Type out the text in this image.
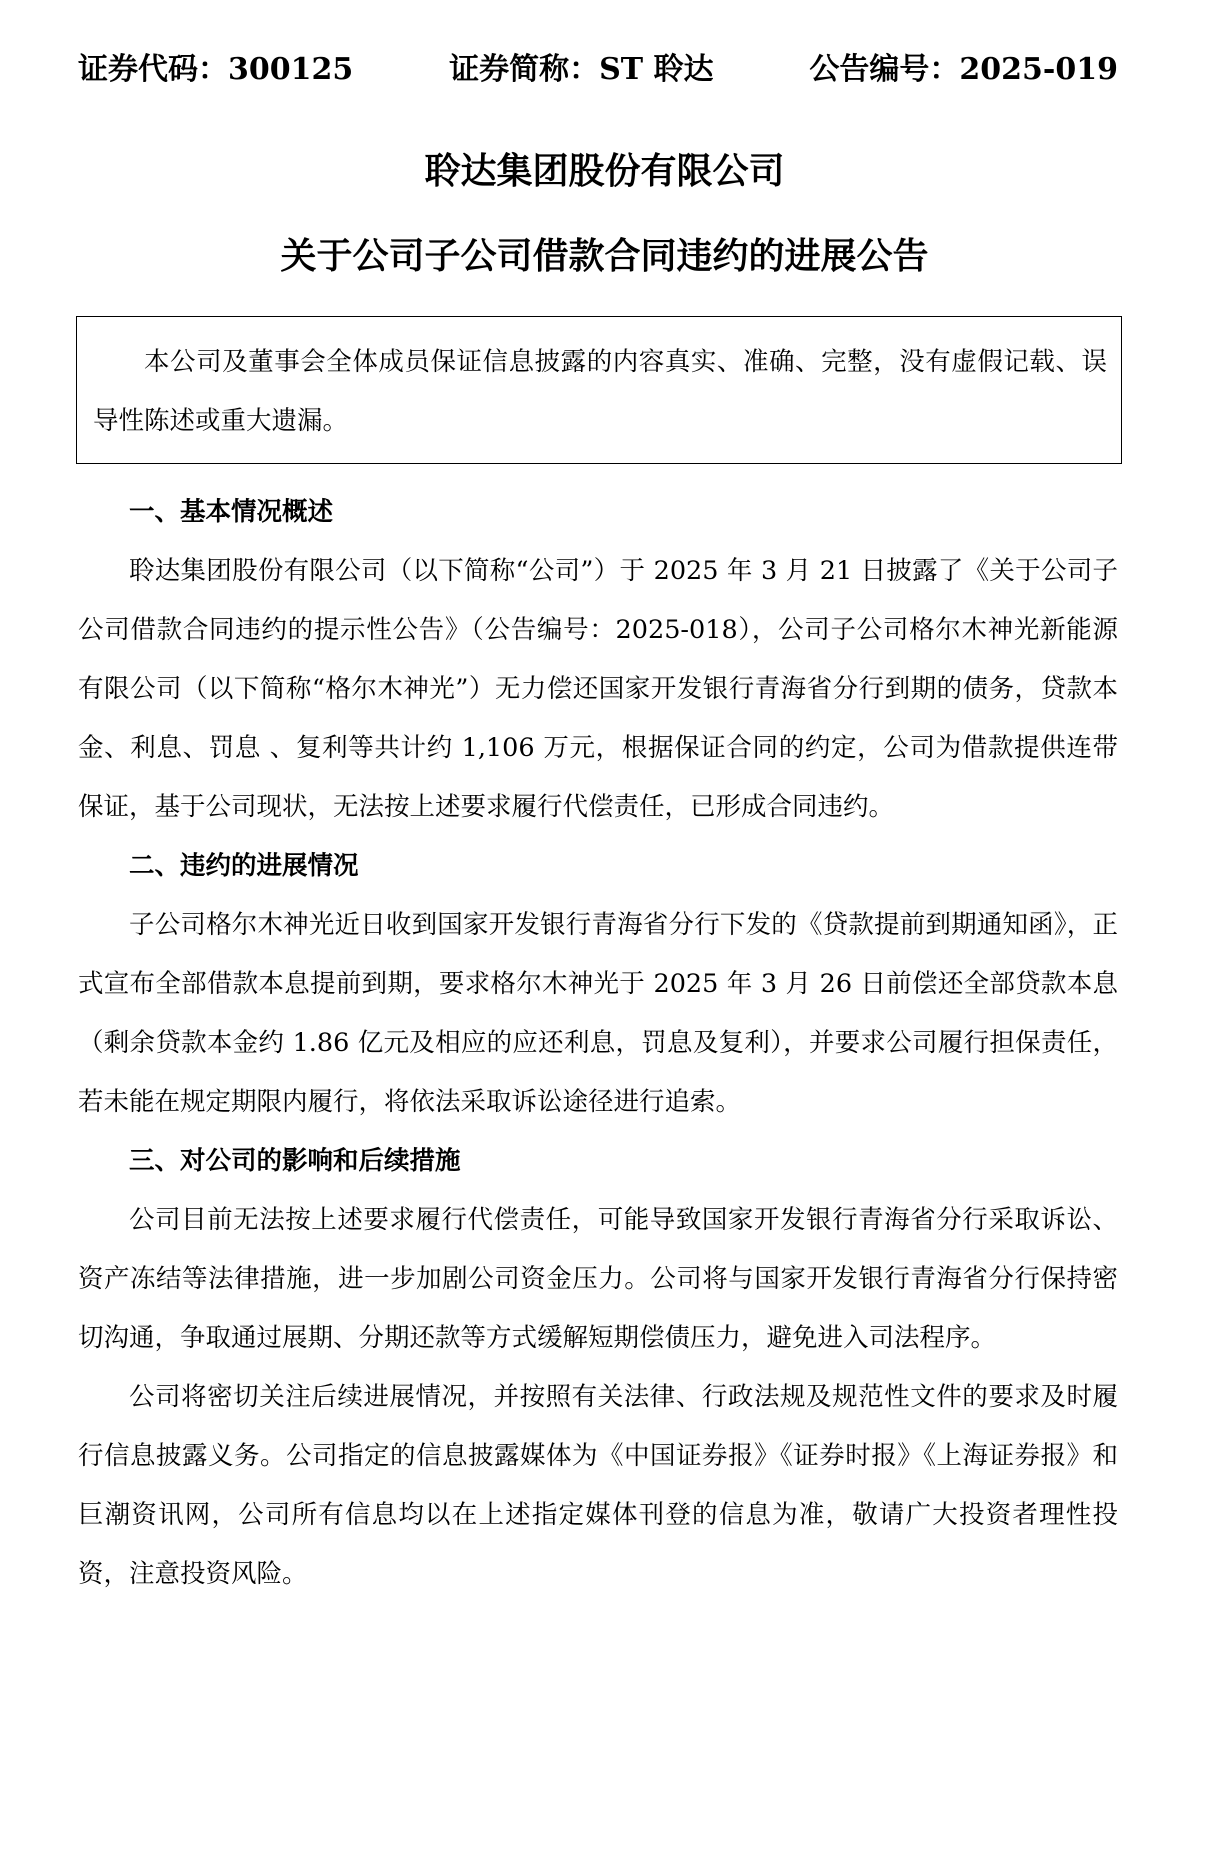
证券代码：300125	证券简称：ST 聆达	公告编号：2025-019
聆达集团股份有限公司
关于公司子公司借款合同违约的进展公告
本公司及董事会全体成员保证信息披露的内容真实、准确、完整，没有虚假记载、误导性陈述或重大遗漏。
一、基本情况概述

聆达集团股份有限公司（以下简称“公司”）于 2025 年 3 月 21 日披露了《关于公司子公司借款合同违约的提示性公告》（公告编号：2025-018），公司子公司格尔木神光新能源有限公司（以下简称“格尔木神光”）无力偿还国家开发银行青海省分行到期的债务，贷款本金、利息、罚息 、复利等共计约 1,106 万元，根据保证合同的约定，公司为借款提供连带保证，基于公司现状，无法按上述要求履行代偿责任，已形成合同违约。

二、违约的进展情况

子公司格尔木神光近日收到国家开发银行青海省分行下发的《贷款提前到期通知函》，正式宣布全部借款本息提前到期，要求格尔木神光于 2025 年 3 月 26 日前偿还全部贷款本息（剩余贷款本金约 1.86 亿元及相应的应还利息，罚息及复利），并要求公司履行担保责任，若未能在规定期限内履行，将依法采取诉讼途径进行追索。

三、对公司的影响和后续措施

公司目前无法按上述要求履行代偿责任，可能导致国家开发银行青海省分行采取诉讼、资产冻结等法律措施，进一步加剧公司资金压力。公司将与国家开发银行青海省分行保持密切沟通，争取通过展期、分期还款等方式缓解短期偿债压力，避免进入司法程序。

公司将密切关注后续进展情况，并按照有关法律、行政法规及规范性文件的要求及时履行信息披露义务。公司指定的信息披露媒体为《中国证券报》《证券时报》《上海证券报》和巨潮资讯网，公司所有信息均以在上述指定媒体刊登的信息为准，敬请广大投资者理性投资，注意投资风险。
